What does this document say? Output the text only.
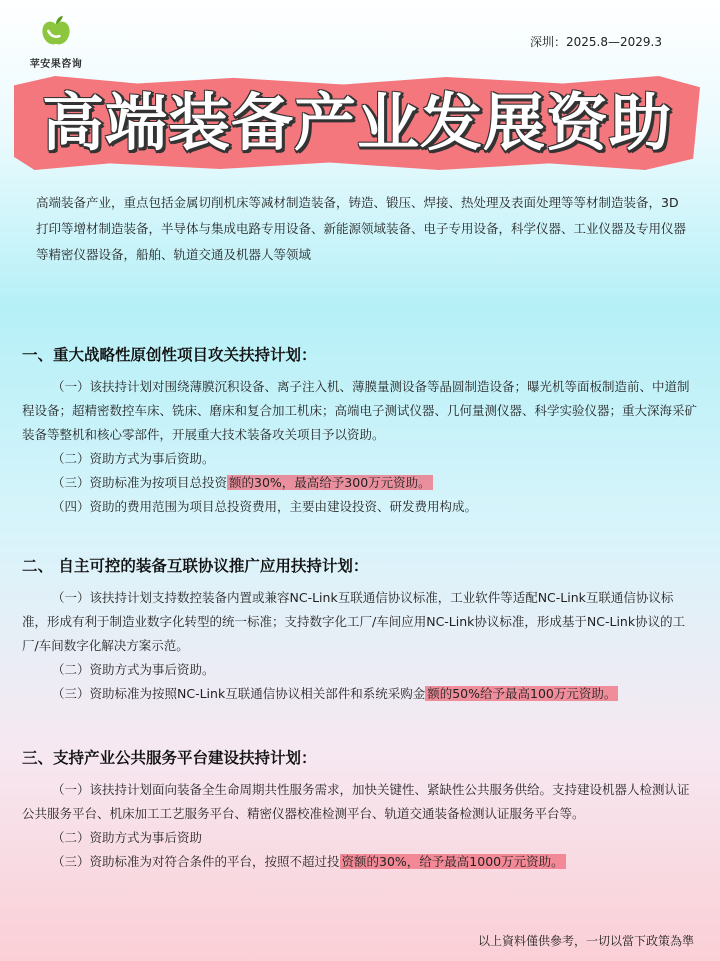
苹安果咨询
深圳：2025.8—2029.3
高端装备产业发展资助
高端装备产业，重点包括金属切削机床等减材制造装备，铸造、锻压、焊接、热处理及表面处理等等材制造装备，3D打印等增材制造装备，半导体与集成电路专用设备、新能源领域装备、电子专用设备，科学仪器、工业仪器及专用仪器等精密仪器设备，船舶、轨道交通及机器人等领域
一、重大战略性原创性项目攻关扶持计划：

（一）该扶持计划对围绕薄膜沉积设备、离子注入机、薄膜量测设备等晶圆制造设备；曝光机等面板制造前、中道制程设备；超精密数控车床、铣床、磨床和复合加工机床；高端电子测试仪器、几何量测仪器、科学实验仪器；重大深海采矿装备等整机和核心零部件，开展重大技术装备攻关项目予以资助。

（二）资助方式为事后资助。

（三）资助标准为按项目总投资 额的30%，最高给予300万元资助。

（四）资助的费用范围为项目总投资费用，主要由建设投资、研发费用构成。

二、 自主可控的装备互联协议推广应用扶持计划：

（一）该扶持计划支持数控装备内置或兼容NC-Link互联通信协议标准，工业软件等适配NC-Link互联通信协议标准，形成有利于制造业数字化转型的统一标准；支持数字化工厂/车间应用NC-Link协议标准，形成基于NC-Link协议的工厂/车间数字化解决方案示范。

（二）资助方式为事后资助。

（三）资助标准为按照NC-Link互联通信协议相关部件和系统采购金 额的50%给予最高100万元资助。

三、支持产业公共服务平台建设扶持计划：

（一）该扶持计划面向装备全生命周期共性服务需求，加快关键性、紧缺性公共服务供给。支持建设机器人检测认证公共服务平台、机床加工工艺服务平台、精密仪器校准检测平台、轨道交通装备检测认证服务平台等。

（二）资助方式为事后资助

（三）资助标准为对符合条件的平台，按照不超过投 资额的30%，给予最高1000万元资助。

以上資料僅供參考，一切以當下政策為準
